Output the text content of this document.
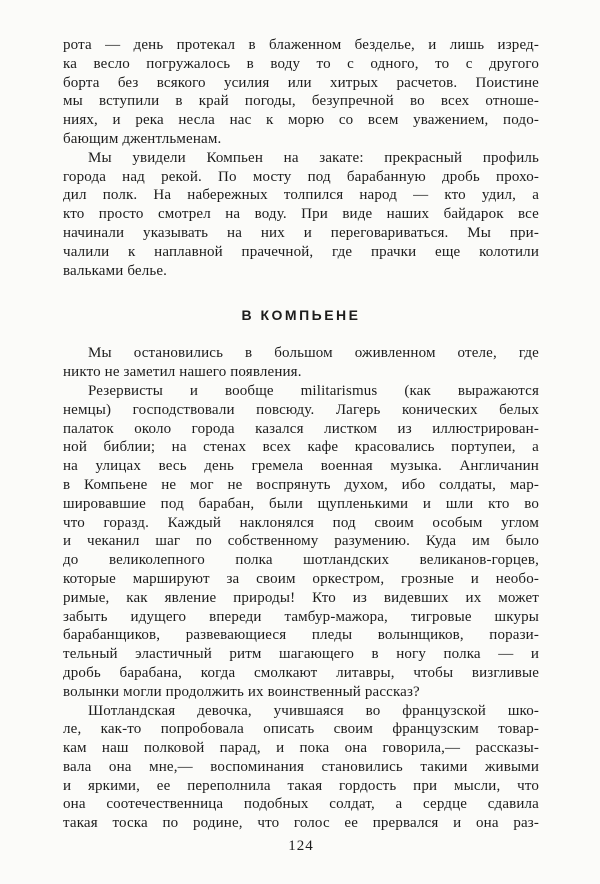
рота — день протекал в блаженном безделье, и лишь изред-
ка весло погружалось в воду то с одного, то с другого
борта без всякого усилия или хитрых расчетов. Поистине
мы вступили в край погоды, безупречной во всех отноше-
ниях, и река несла нас к морю со всем уважением, подо-
бающим джентльменам.
Мы увидели Компьен на закате: прекрасный профиль
города над рекой. По мосту под барабанную дробь прохо-
дил полк. На набережных толпился народ — кто удил, а
кто просто смотрел на воду. При виде наших байдарок все
начинали указывать на них и переговариваться. Мы при-
чалили к наплавной прачечной, где прачки еще колотили
вальками белье.
В КОМПЬЕНЕ
Мы остановились в большом оживленном отеле, где
никто не заметил нашего появления.
Резервисты и вообще militarismus (как выражаются
немцы) господствовали повсюду. Лагерь конических белых
палаток около города казался листком из иллюстрирован-
ной библии; на стенах всех кафе красовались портупеи, а
на улицах весь день гремела военная музыка. Англичанин
в Компьене не мог не воспрянуть духом, ибо солдаты, мар-
шировавшие под барабан, были щупленькими и шли кто во
что горазд. Каждый наклонялся под своим особым углом
и чеканил шаг по собственному разумению. Куда им было
до великолепного полка шотландских великанов-горцев,
которые маршируют за своим оркестром, грозные и необо-
римые, как явление природы! Кто из видевших их может
забыть идущего впереди тамбур-мажора, тигровые шкуры
барабанщиков, развевающиеся пледы волынщиков, порази-
тельный эластичный ритм шагающего в ногу полка — и
дробь барабана, когда смолкают литавры, чтобы визгливые
волынки могли продолжить их воинственный рассказ?
Шотландская девочка, учившаяся во французской шко-
ле, как-то попробовала описать своим французским товар-
кам наш полковой парад, и пока она говорила,— рассказы-
вала она мне,— воспоминания становились такими живыми
и яркими, ее переполнила такая гордость при мысли, что
она соотечественница подобных солдат, а сердце сдавила
такая тоска по родине, что голос ее прервался и она раз-
124
